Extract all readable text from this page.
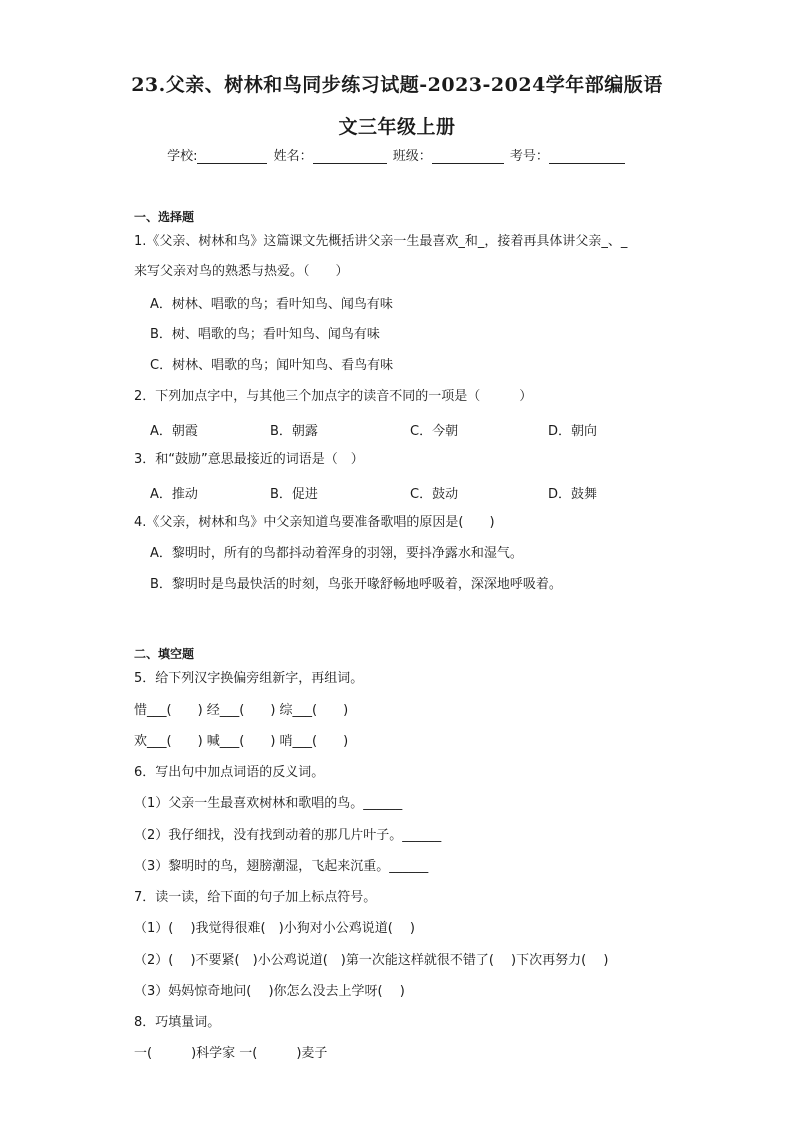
23.父亲、树林和鸟同步练习试题-2023-2024学年部编版语
文三年级上册
学校:	姓名：	班级：	考号：
一、选择题
1.《父亲、树林和鸟》这篇课文先概括讲父亲一生最喜欢_和_，接着再具体讲父亲_、_
来写父亲对鸟的熟悉与热爱。（　　）
A．树林、唱歌的鸟；看叶知鸟、闻鸟有味
B．树、唱歌的鸟；看叶知鸟、闻鸟有味
C．树林、唱歌的鸟；闻叶知鸟、看鸟有味
2．下列加点字中，与其他三个加点字的读音不同的一项是（　　　）
A．朝霞	B．朝露	C．今朝	D．朝向
3．和“鼓励”意思最接近的词语是（　）
A．推动	B．促进	C．鼓动	D．鼓舞
4.《父亲，树林和鸟》中父亲知道鸟要准备歌唱的原因是(　　)
A．黎明时，所有的鸟都抖动着浑身的羽翎，要抖净露水和湿气。
B．黎明时是鸟最快活的时刻，鸟张开喙舒畅地呼吸着，深深地呼吸着。
二、填空题
5．给下列汉字换偏旁组新字，再组词。
惜___(　　) 经___(　　) 综___(　　)
欢___(　　) 喊___(　　) 哨___(　　)
6．写出句中加点词语的反义词。
（1）父亲一生最喜欢树林和歌唱的鸟。______
（2）我仔细找，没有找到动着的那几片叶子。______
（3）黎明时的鸟，翅膀潮湿，飞起来沉重。______
7．读一读，给下面的句子加上标点符号。
（1）(　 )我觉得很难(　)小狗对小公鸡说道(　 )
（2）(　 )不要紧(　)小公鸡说道(　)第一次能这样就很不错了(　 )下次再努力(　 )
（3）妈妈惊奇地问(　 )你怎么没去上学呀(　 )
8．巧填量词。
一(　　　)科学家 一(　　　)麦子
